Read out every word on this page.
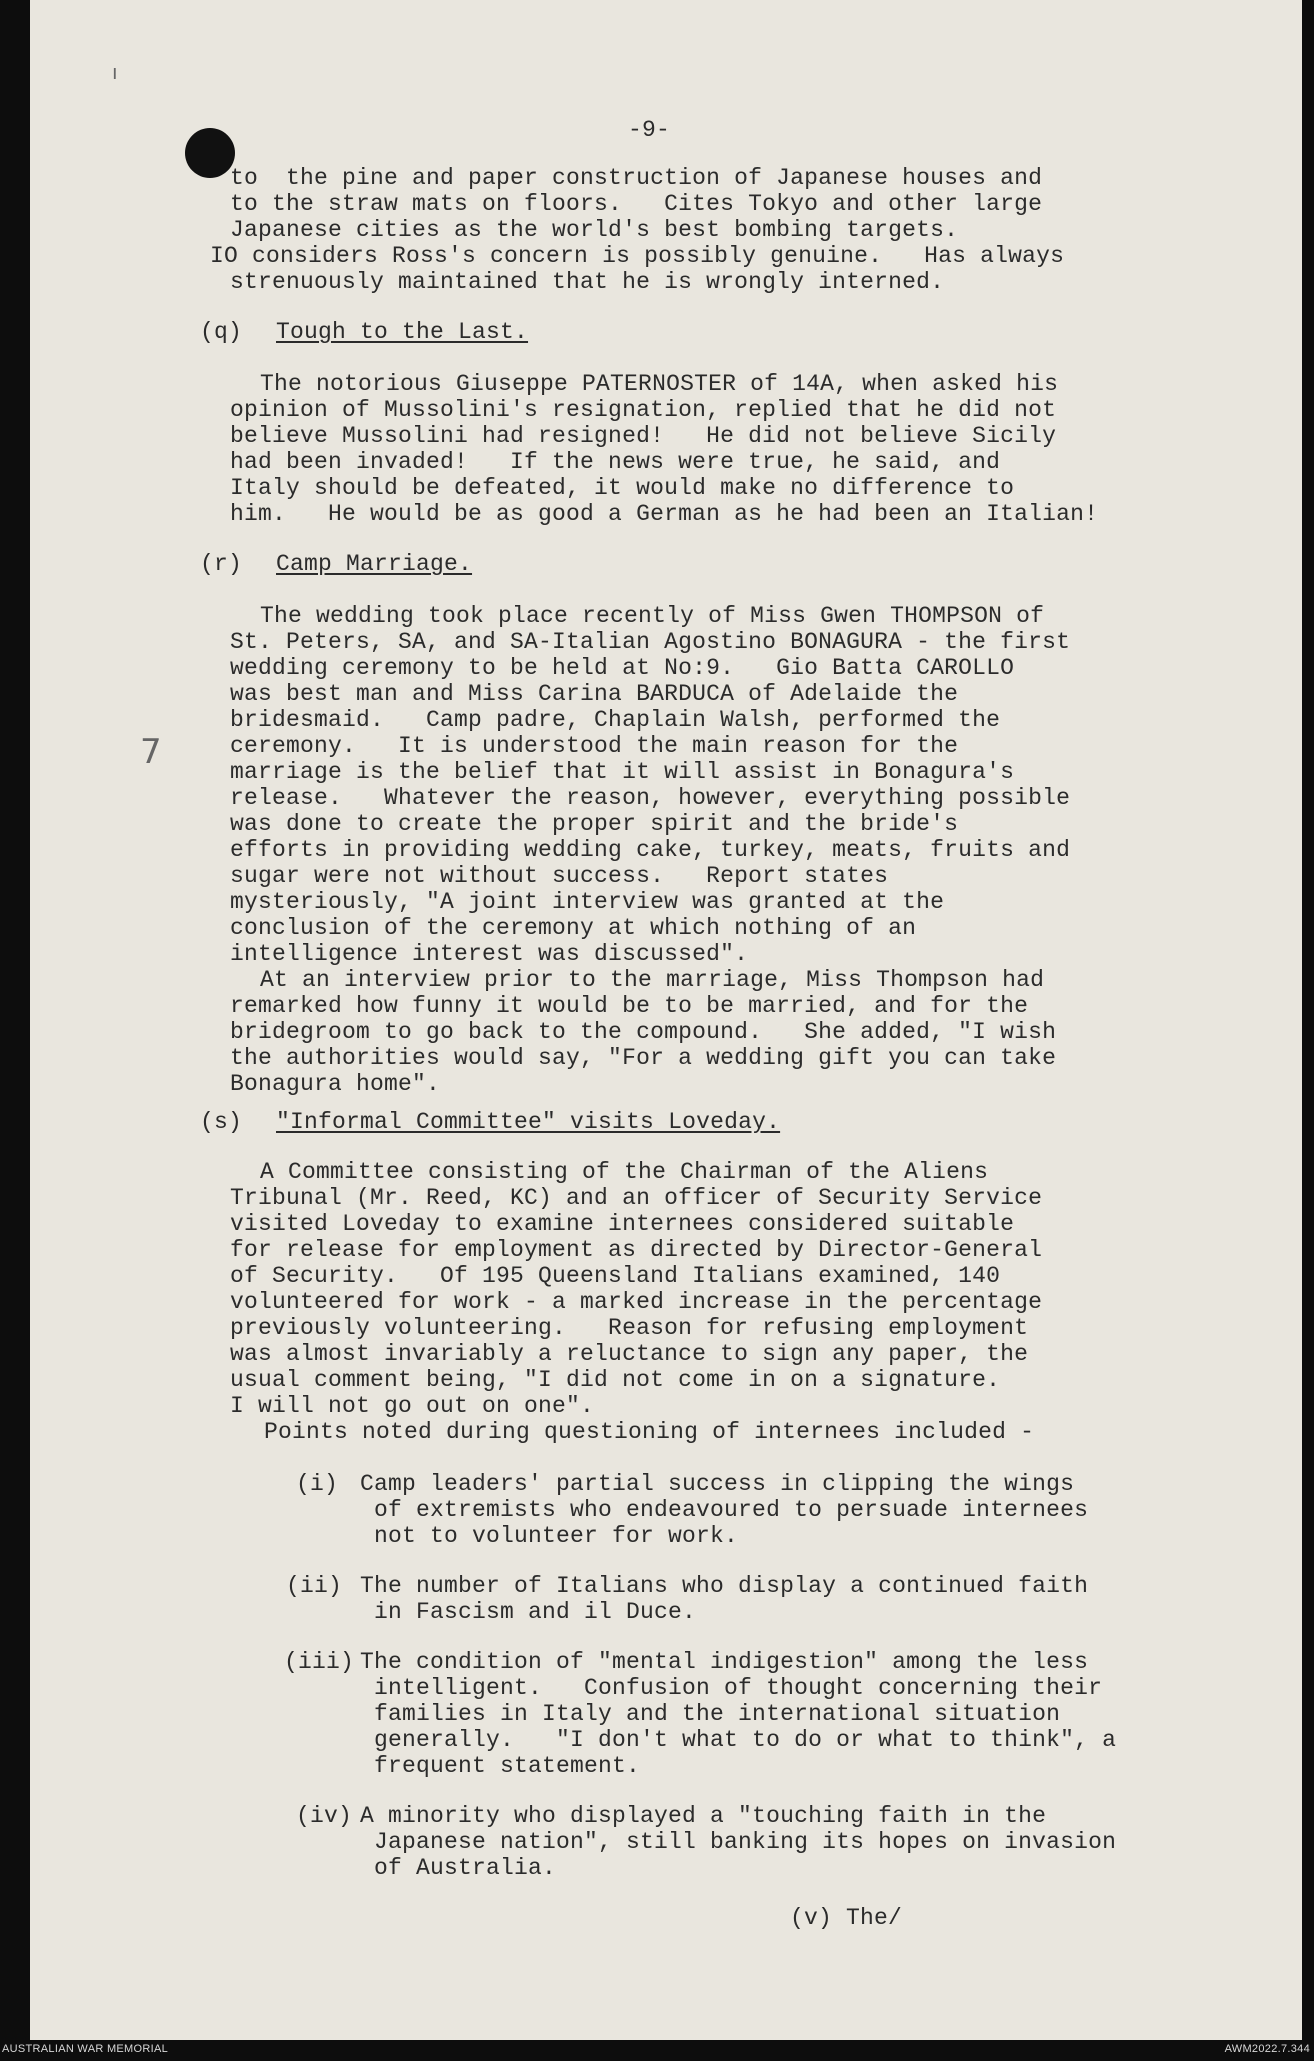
ı
7
-9-
to  the pine and paper construction of Japanese houses and
to the straw mats on floors.   Cites Tokyo and other large
Japanese cities as the world's best bombing targets.
IO considers Ross's concern is possibly genuine.   Has always
strenuously maintained that he is wrongly interned.
(q) Tough to the Last.
The notorious Giuseppe PATERNOSTER of 14A, when asked his
opinion of Mussolini's resignation, replied that he did not
believe Mussolini had resigned!   He did not believe Sicily
had been invaded!   If the news were true, he said, and
Italy should be defeated, it would make no difference to
him.   He would be as good a German as he had been an Italian!
(r) Camp Marriage.
The wedding took place recently of Miss Gwen THOMPSON of
St. Peters, SA, and SA-Italian Agostino BONAGURA - the first
wedding ceremony to be held at No:9.   Gio Batta CAROLLO
was best man and Miss Carina BARDUCA of Adelaide the
bridesmaid.   Camp padre, Chaplain Walsh, performed the
ceremony.   It is understood the main reason for the
marriage is the belief that it will assist in Bonagura's
release.   Whatever the reason, however, everything possible
was done to create the proper spirit and the bride's
efforts in providing wedding cake, turkey, meats, fruits and
sugar were not without success.   Report states
mysteriously, "A joint interview was granted at the
conclusion of the ceremony at which nothing of an
intelligence interest was discussed".
At an interview prior to the marriage, Miss Thompson had
remarked how funny it would be to be married, and for the
bridegroom to go back to the compound.   She added, "I wish
the authorities would say, "For a wedding gift you can take
Bonagura home".
(s) "Informal Committee" visits Loveday.
A Committee consisting of the Chairman of the Aliens
Tribunal (Mr. Reed, KC) and an officer of Security Service
visited Loveday to examine internees considered suitable
for release for employment as directed by Director-General
of Security.   Of 195 Queensland Italians examined, 140
volunteered for work - a marked increase in the percentage
previously volunteering.   Reason for refusing employment
was almost invariably a reluctance to sign any paper, the
usual comment being, "I did not come in on a signature.
I will not go out on one".
Points noted during questioning of internees included -
(i) Camp leaders' partial success in clipping the wings
of extremists who endeavoured to persuade internees
not to volunteer for work.
(ii) The number of Italians who display a continued faith
in Fascism and il Duce.
(iii) The condition of "mental indigestion" among the less
intelligent.   Confusion of thought concerning their
families in Italy and the international situation
generally.   "I don't what to do or what to think", a
frequent statement.
(iv) A minority who displayed a "touching faith in the
Japanese nation", still banking its hopes on invasion
of Australia.
(v) The/
AUSTRALIAN WAR MEMORIAL	AWM2022.7.344
